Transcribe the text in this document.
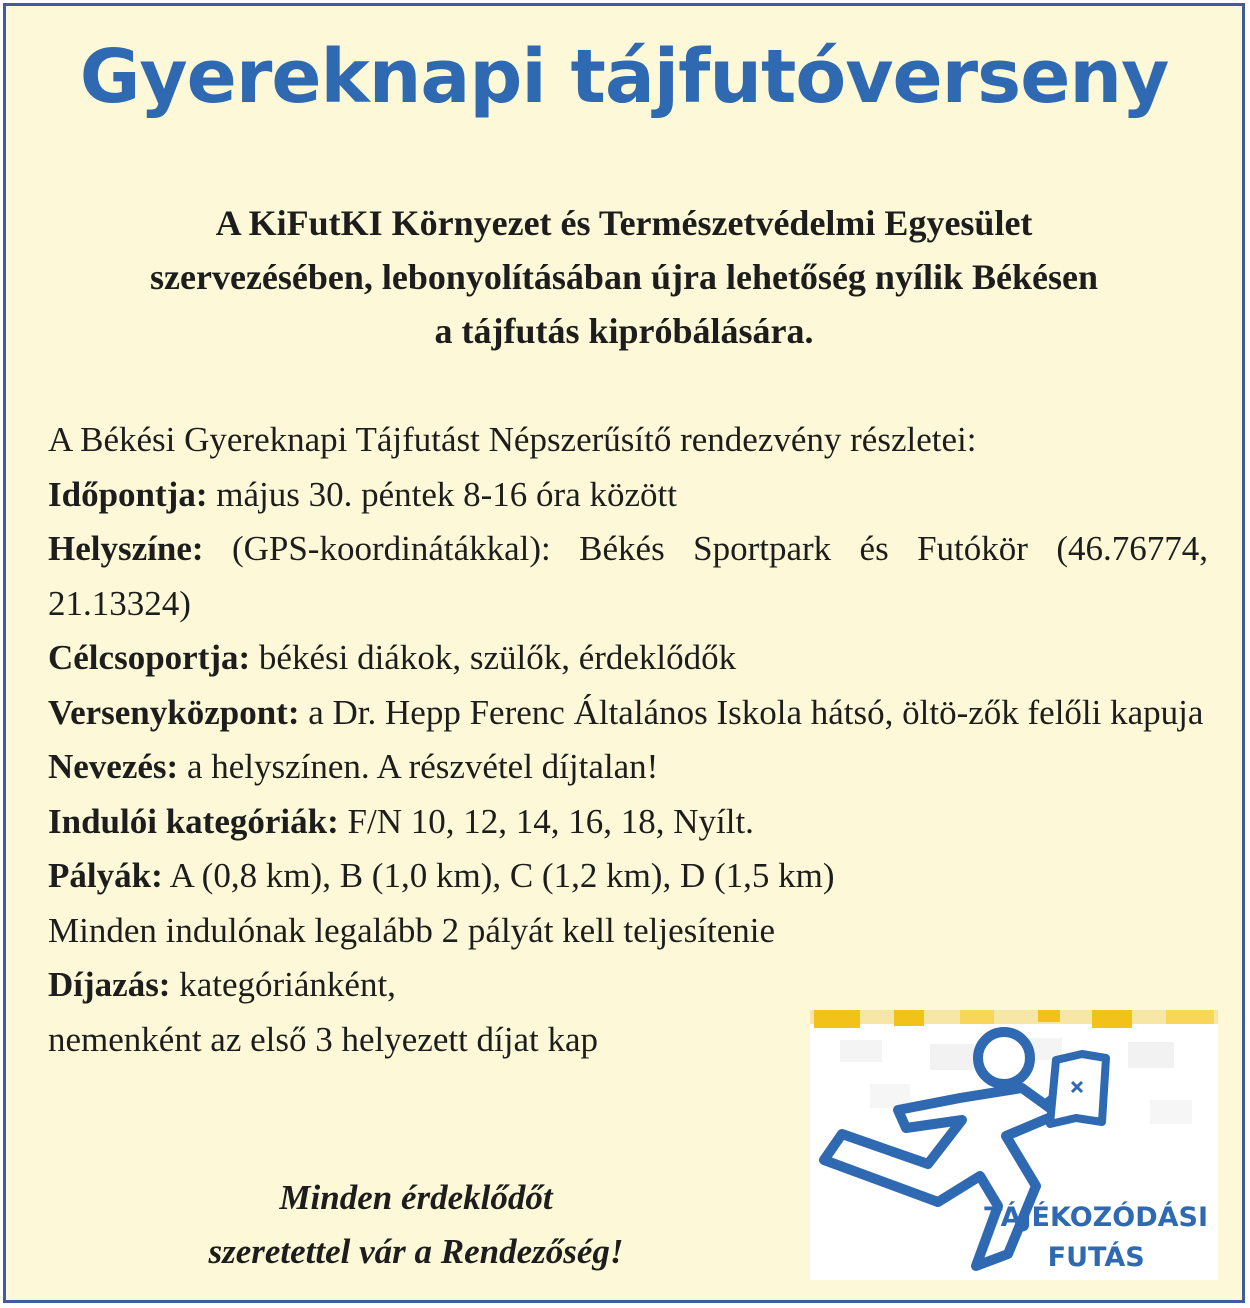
Gyereknapi tájfutóverseny
A KiFutKI Környezet és Természetvédelmi Egyesület
szervezésében, lebonyolításában újra lehetőség nyílik Békésen
a tájfutás kipróbálására.

A Békési Gyereknapi Tájfutást Népszerűsítő rendezvény részletei:

Időpontja: május 30. péntek 8-16 óra között

Helyszíne: (GPS-koordinátákkal): Békés Sportpark és Futókör (46.76774, 21.13324)

Célcsoportja: békési diákok, szülők, érdeklődők

Versenyközpont: a Dr. Hepp Ferenc Általános Iskola hátsó, öltö-zők felőli kapuja

Nevezés: a helyszínen. A részvétel díjtalan!

Indulói kategóriák: F/N 10, 12, 14, 16, 18, Nyílt.

Pályák: A (0,8 km), B (1,0 km), C (1,2 km), D (1,5 km)

Minden indulónak legalább 2 pályát kell teljesítenie

Díjazás: kategóriánként,

nemenként az első 3 helyezett díjat kap

Minden érdeklődőt
szeretettel vár a Rendezőség!
TÁJÉKOZÓDÁSI
FUTÁS
